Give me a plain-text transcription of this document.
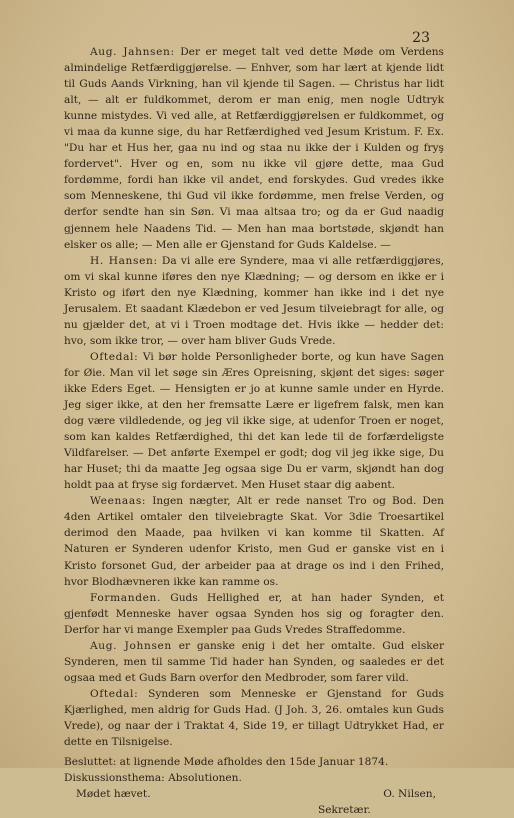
23

Aug. Jahnsen: Der er meget talt ved dette Møde om Verdens almindelige Retfærdiggjørelse. — Enhver, som har lært at kjende lidt til Guds Aands Virkning, han vil kjende til Sagen. — Christus har lidt alt, — alt er fuldkommet, derom er man enig, men nogle Udtryk kunne mistydes. Vi ved alle, at Retfærdiggjørelsen er fuldkommet, og vi maa da kunne sige, du har Retfærdighed ved Jesum Kristum. F. Ex. "Du har et Hus her, gaa nu ind og staa nu ikke der i Kulden og fryş fordervet". Hver og en, som nu ikke vil gjøre dette, maa Gud fordømme, fordi han ikke vil andet, end forskydes. Gud vredes ikke som Menneskene, thi Gud vil ikke fordømme, men frelse Verden, og derfor sendte han sin Søn. Vi maa altsaa tro; og da er Gud naadig gjennem hele Naadens Tid. — Men han maa bortstøde, skjøndt han elsker os alle; — Men alle er Gjenstand for Guds Kaldelse. —

H. Hansen: Da vi alle ere Syndere, maa vi alle retfærdiggjøres, om vi skal kunne iføres den nye Klædning; — og dersom en ikke er i Kristo og iført den nye Klædning, kommer han ikke ind i det nye Jerusalem. Et saadant Klædebon er ved Jesum tilveiebragt for alle, og nu gjælder det, at vi i Troen modtage det. Hvis ikke — hedder det: hvo, som ikke tror, — over ham bliver Guds Vrede.

Oftedal: Vi bør holde Personligheder borte, og kun have Sagen for Øie. Man vil let søge sin Æres Opreisning, skjønt det siges: søger ikke Eders Eget. — Hensigten er jo at kunne samle under en Hyrde. Jeg siger ikke, at den her fremsatte Lære er ligefrem falsk, men kan dog være vildledende, og jeg vil ikke sige, at udenfor Troen er noget, som kan kaldes Retfærdighed, thi det kan lede til de forfærdeligste Vildfarelser. — Det anførte Exempel er godt; dog vil jeg ikke sige, Du har Huset; thi da maatte Jeg ogsaa sige Du er varm, skjøndt han dog holdt paa at fryse sig fordærvet. Men Huset staar dig aabent.

Weenaas: Ingen nægter, Alt er rede nanset Tro og Bod. Den 4den Artikel omtaler den tilveiebragte Skat. Vor 3die Troesartikel derimod den Maade, paa hvilken vi kan komme til Skatten. Af Naturen er Synderen udenfor Kristo, men Gud er ganske vist en i Kristo forsonet Gud, der arbeider paa at drage os ind i den Frihed, hvor Blodhævneren ikke kan ramme os.

Formanden. Guds Hellighed er, at han hader Synden, et gjenfødt Menneske haver ogsaa Synden hos sig og foragter den. Derfor har vi mange Exempler paa Guds Vredes Straffedomme.

Aug. Johnsen er ganske enig i det her omtalte. Gud elsker Synderen, men til samme Tid hader han Synden, og saaledes er det ogsaa med et Guds Barn overfor den Medbroder, som farer vild.

Oftedal: Synderen som Menneske er Gjenstand for Guds Kjærlighed, men aldrig for Guds Had. (J Joh. 3, 26. omtales kun Guds Vrede), og naar der i Traktat 4, Side 19, er tillagt Udtrykket Had, er dette en Tilsnigelse.

Besluttet: at lignende Møde afholdes den 15de Januar 1874.

Diskussionsthema: Absolutionen.

Mødet hævet.	O. Nilsen,

Sekretær.
